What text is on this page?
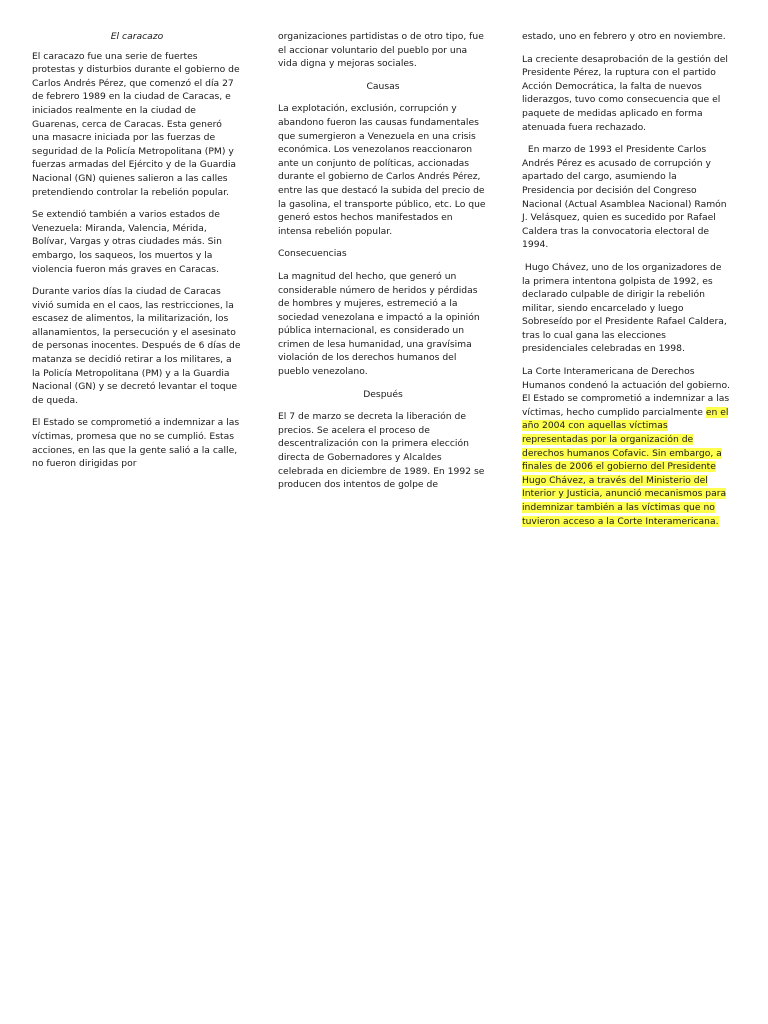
El caracazo

El caracazo fue una serie de fuertes protestas y disturbios durante el gobierno de Carlos Andrés Pérez, que comenzó el día 27 de febrero 1989 en la ciudad de Caracas, e iniciados realmente en la ciudad de Guarenas, cerca de Caracas. Esta generó una masacre iniciada por las fuerzas de seguridad de la Policía Metropolitana (PM) y fuerzas armadas del Ejército y de la Guardia Nacional (GN) quienes salieron a las calles pretendiendo controlar la rebelión popular.

Se extendió también a varios estados de Venezuela: Miranda, Valencia, Mérida, Bolívar, Vargas y otras ciudades más. Sin embargo, los saqueos, los muertos y la violencia fueron más graves en Caracas.

Durante varios días la ciudad de Caracas vivió sumida en el caos, las restricciones, la escasez de alimentos, la militarización, los allanamientos, la persecución y el asesinato de personas inocentes. Después de 6 días de matanza se decidió retirar a los militares, a la Policía Metropolitana (PM) y a la Guardia Nacional (GN) y se decretó levantar el toque de queda.

El Estado se comprometió a indemnizar a las víctimas, promesa que no se cumplió. Estas acciones, en las que la gente salió a la calle, no fueron dirigidas por

organizaciones partidistas o de otro tipo, fue el accionar voluntario del pueblo por una vida digna y mejoras sociales.

Causas

La explotación, exclusión, corrupción y abandono fueron las causas fundamentales que sumergieron a Venezuela en una crisis económica. Los venezolanos reaccionaron ante un conjunto de políticas, accionadas durante el gobierno de Carlos Andrés Pérez, entre las que destacó la subida del precio de la gasolina, el transporte público, etc. Lo que generó estos hechos manifestados en intensa rebelión popular.

Consecuencias

La magnitud del hecho, que generó un considerable número de heridos y pérdidas de hombres y mujeres, estremeció a la sociedad venezolana e impactó a la opinión pública internacional, es considerado un crimen de lesa humanidad, una gravísima violación de los derechos humanos del pueblo venezolano.

Después

El 7 de marzo se decreta la liberación de precios. Se acelera el proceso de descentralización con la primera elección directa de Gobernadores y Alcaldes celebrada en diciembre de 1989. En 1992 se producen dos intentos de golpe de

estado, uno en febrero y otro en noviembre.

La creciente desaprobación de la gestión del Presidente Pérez, la ruptura con el partido Acción Democrática, la falta de nuevos liderazgos, tuvo como consecuencia que el paquete de medidas aplicado en forma atenuada fuera rechazado.

En marzo de 1993 el Presidente Carlos Andrés Pérez es acusado de corrupción y apartado del cargo, asumiendo la Presidencia por decisión del Congreso Nacional (Actual Asamblea Nacional) Ramón J. Velásquez, quien es sucedido por Rafael Caldera tras la convocatoria electoral de 1994.

Hugo Chávez, uno de los organizadores de la primera intentona golpista de 1992, es declarado culpable de dirigir la rebelión militar, siendo encarcelado y luego Sobreseído por el Presidente Rafael Caldera, tras lo cual gana las elecciones presidenciales celebradas en 1998.

La Corte Interamericana de Derechos Humanos condenó la actuación del gobierno. El Estado se comprometió a indemnizar a las víctimas, hecho cumplido parcialmente en el año 2004 con aquellas víctimas representadas por la organización de derechos humanos Cofavic. Sin embargo, a finales de 2006 el gobierno del Presidente Hugo Chávez, a través del Ministerio del Interior y Justicia, anunció mecanismos para indemnizar también a las víctimas que no tuvieron acceso a la Corte Interamericana.
